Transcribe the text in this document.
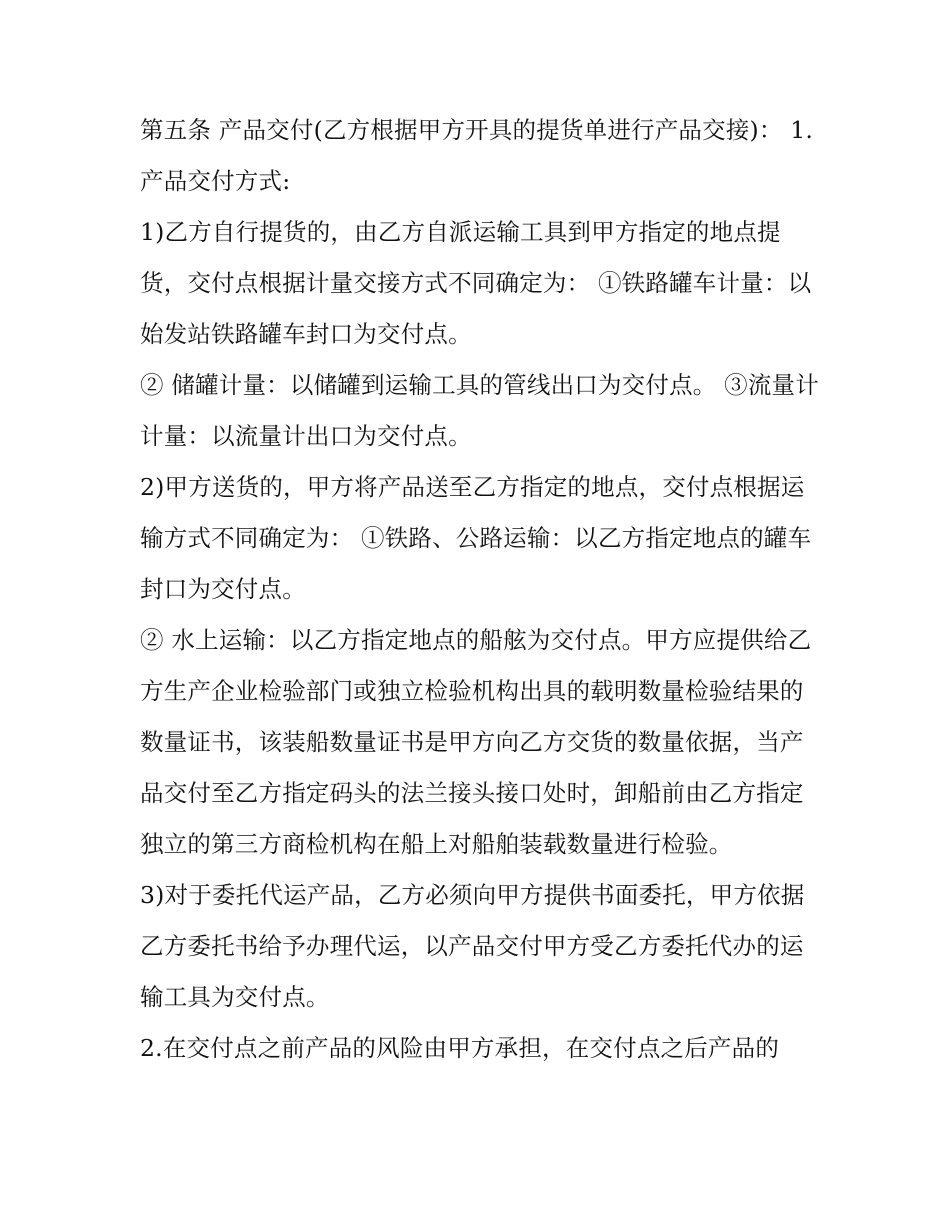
第五条 产品交付(乙方根据甲方开具的提货单进行产品交接)： 1.产品交付方式:

1)乙方自行提货的，由乙方自派运输工具到甲方指定的地点提货，交付点根据计量交接方式不同确定为： ①铁路罐车计量：以始发站铁路罐车封口为交付点。

② 储罐计量：以储罐到运输工具的管线出口为交付点。 ③流量计计量：以流量计出口为交付点。

2)甲方送货的，甲方将产品送至乙方指定的地点，交付点根据运输方式不同确定为： ①铁路、公路运输：以乙方指定地点的罐车封口为交付点。

② 水上运输：以乙方指定地点的船舷为交付点。甲方应提供给乙方生产企业检验部门或独立检验机构出具的载明数量检验结果的数量证书，该装船数量证书是甲方向乙方交货的数量依据，当产品交付至乙方指定码头的法兰接头接口处时，卸船前由乙方指定独立的第三方商检机构在船上对船舶装载数量进行检验。

3)对于委托代运产品，乙方必须向甲方提供书面委托，甲方依据乙方委托书给予办理代运，以产品交付甲方受乙方委托代办的运输工具为交付点。

2.在交付点之前产品的风险由甲方承担，在交付点之后产品的
